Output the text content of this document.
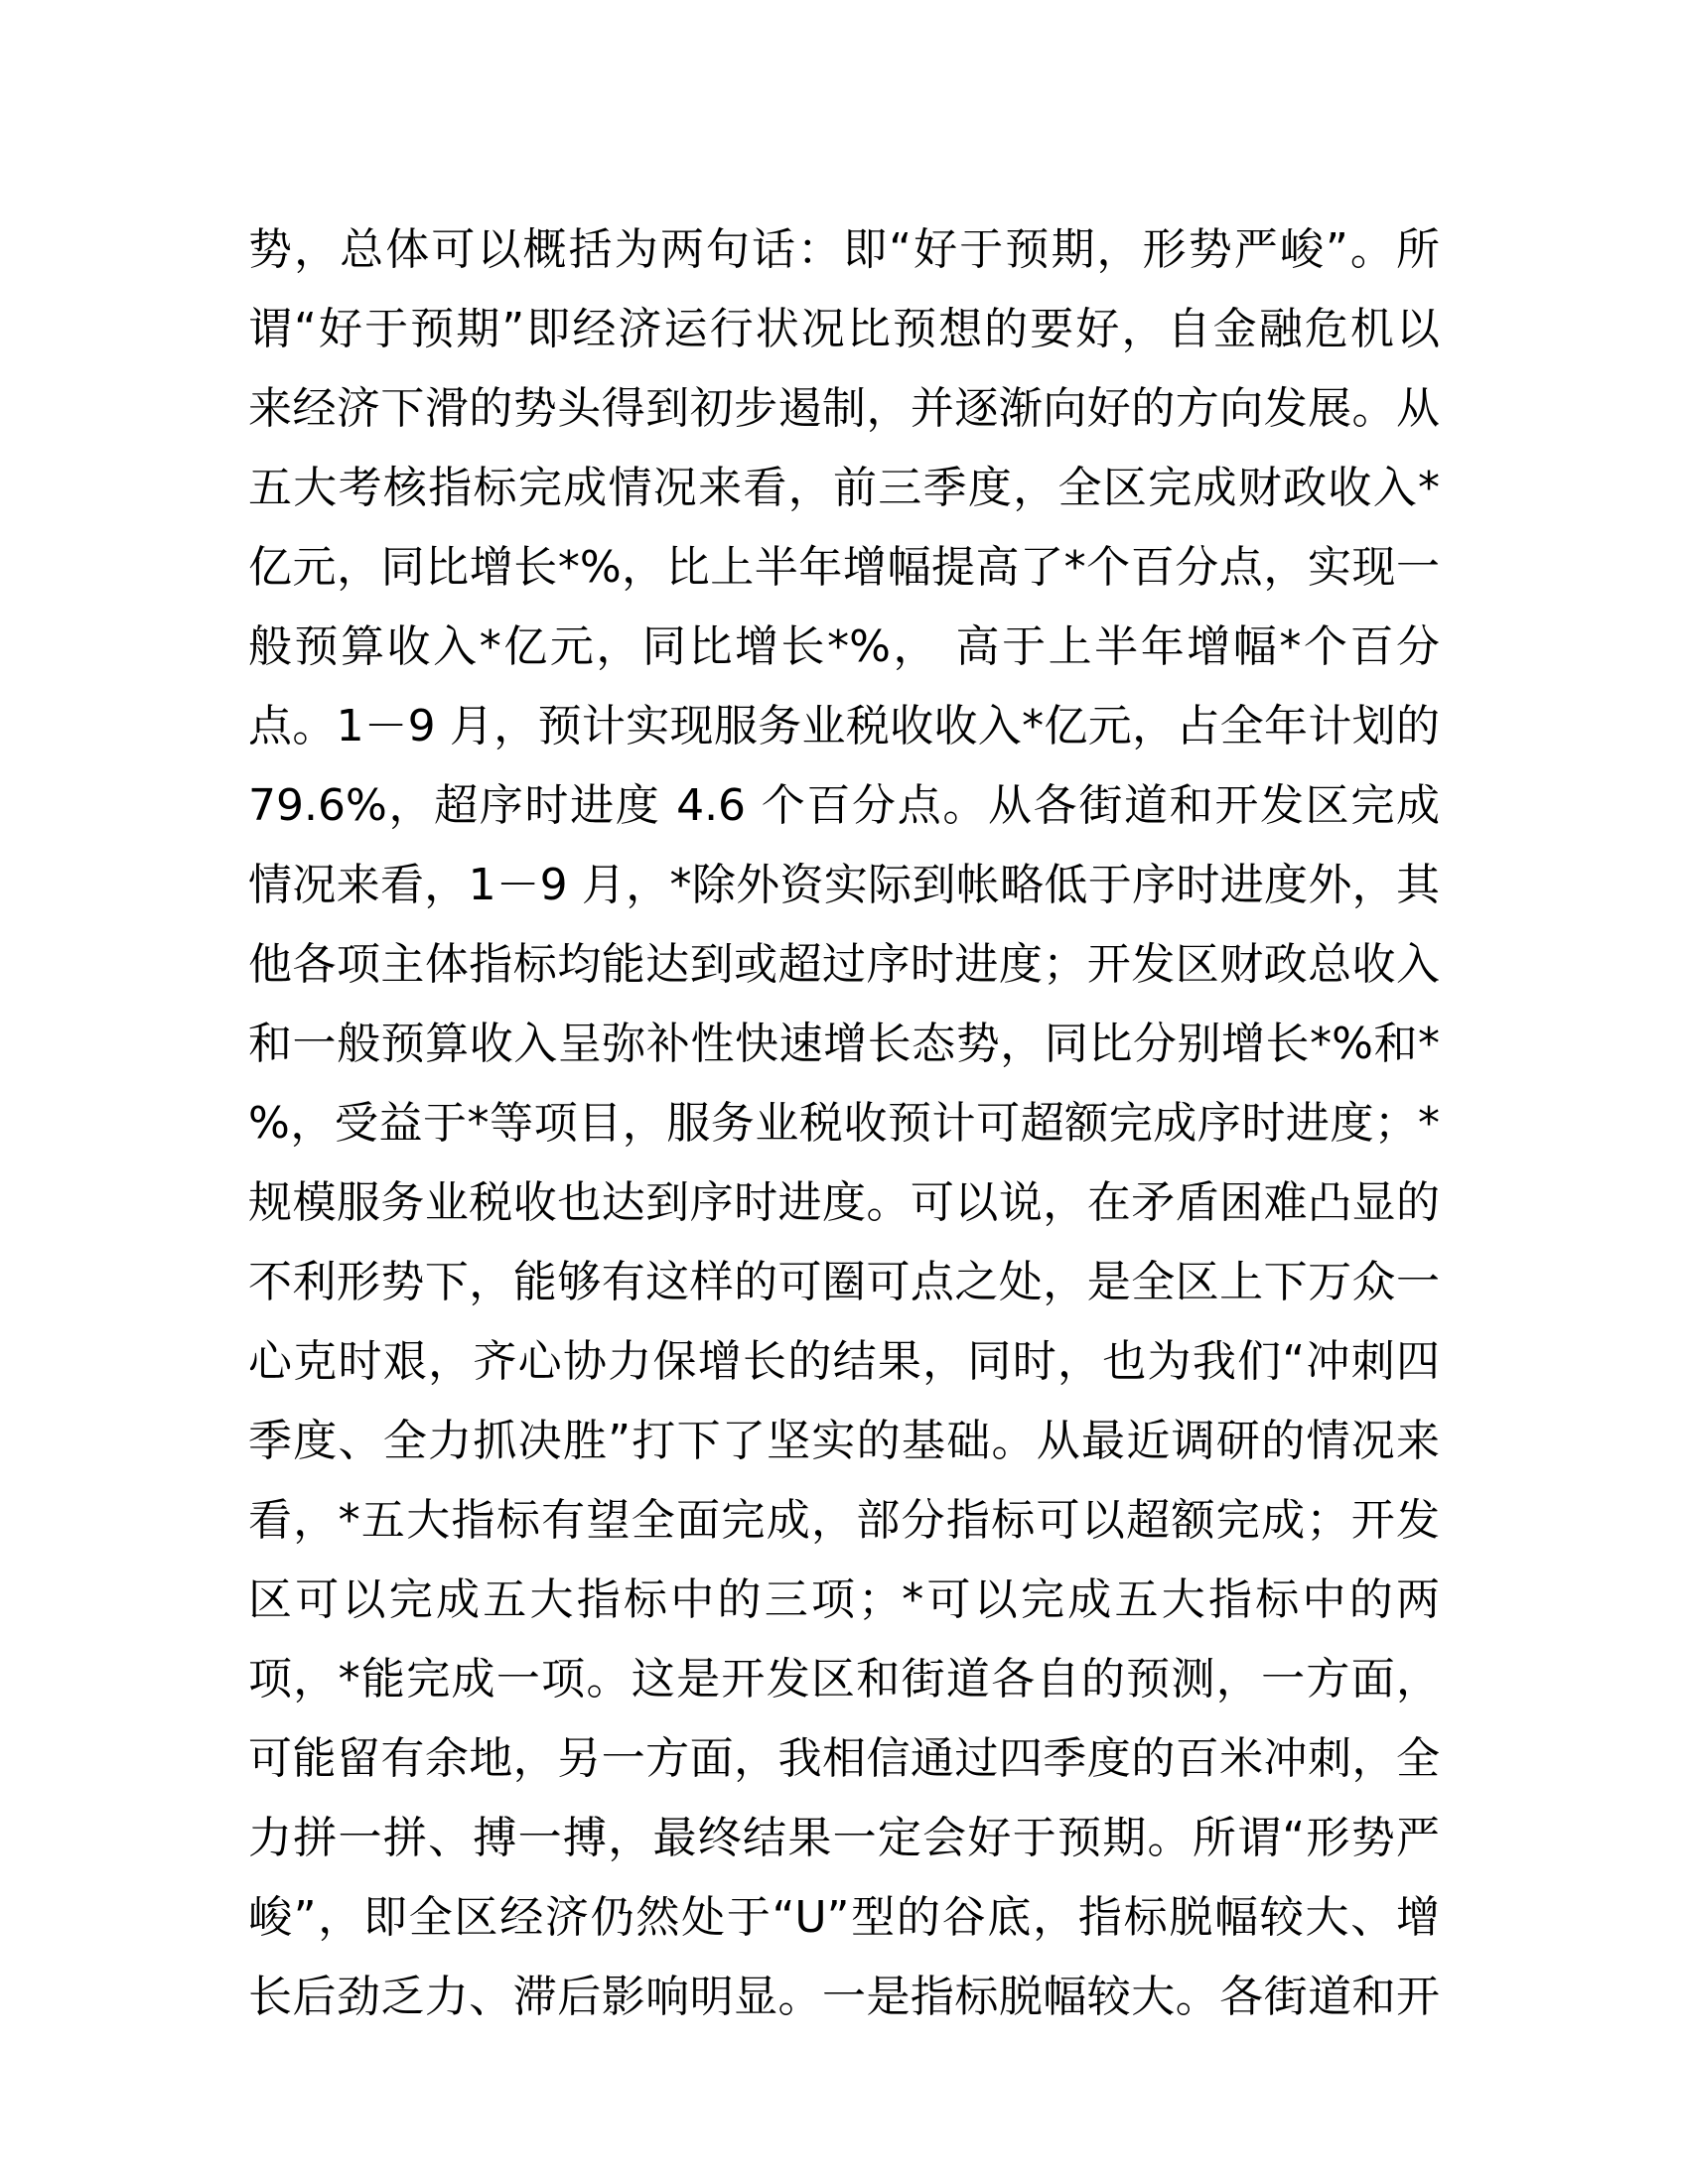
势，总体可以概括为两句话：即“好于预期，形势严峻”。所
谓“好于预期”即经济运行状况比预想的要好，自金融危机以
来经济下滑的势头得到初步遏制，并逐渐向好的方向发展。从
五大考核指标完成情况来看，前三季度，全区完成财政收入*
亿元，同比增长*%，比上半年增幅提高了*个百分点，实现一
般预算收入*亿元，同比增长*%， 高于上半年增幅*个百分
点。1－9 月，预计实现服务业税收收入*亿元，占全年计划的
79.6%，超序时进度 4.6 个百分点。从各街道和开发区完成
情况来看，1－9 月，*除外资实际到帐略低于序时进度外，其
他各项主体指标均能达到或超过序时进度；开发区财政总收入
和一般预算收入呈弥补性快速增长态势，同比分别增长*%和*
%，受益于*等项目，服务业税收预计可超额完成序时进度；*
规模服务业税收也达到序时进度。可以说，在矛盾困难凸显的
不利形势下，能够有这样的可圈可点之处，是全区上下万众一
心克时艰，齐心协力保增长的结果，同时，也为我们“冲刺四
季度、全力抓决胜”打下了坚实的基础。从最近调研的情况来
看，*五大指标有望全面完成，部分指标可以超额完成；开发
区可以完成五大指标中的三项；*可以完成五大指标中的两
项，*能完成一项。这是开发区和街道各自的预测，一方面，
可能留有余地，另一方面，我相信通过四季度的百米冲刺，全
力拼一拼、搏一搏，最终结果一定会好于预期。所谓“形势严
峻”，即全区经济仍然处于“U”型的谷底，指标脱幅较大、增
长后劲乏力、滞后影响明显。一是指标脱幅较大。各街道和开
